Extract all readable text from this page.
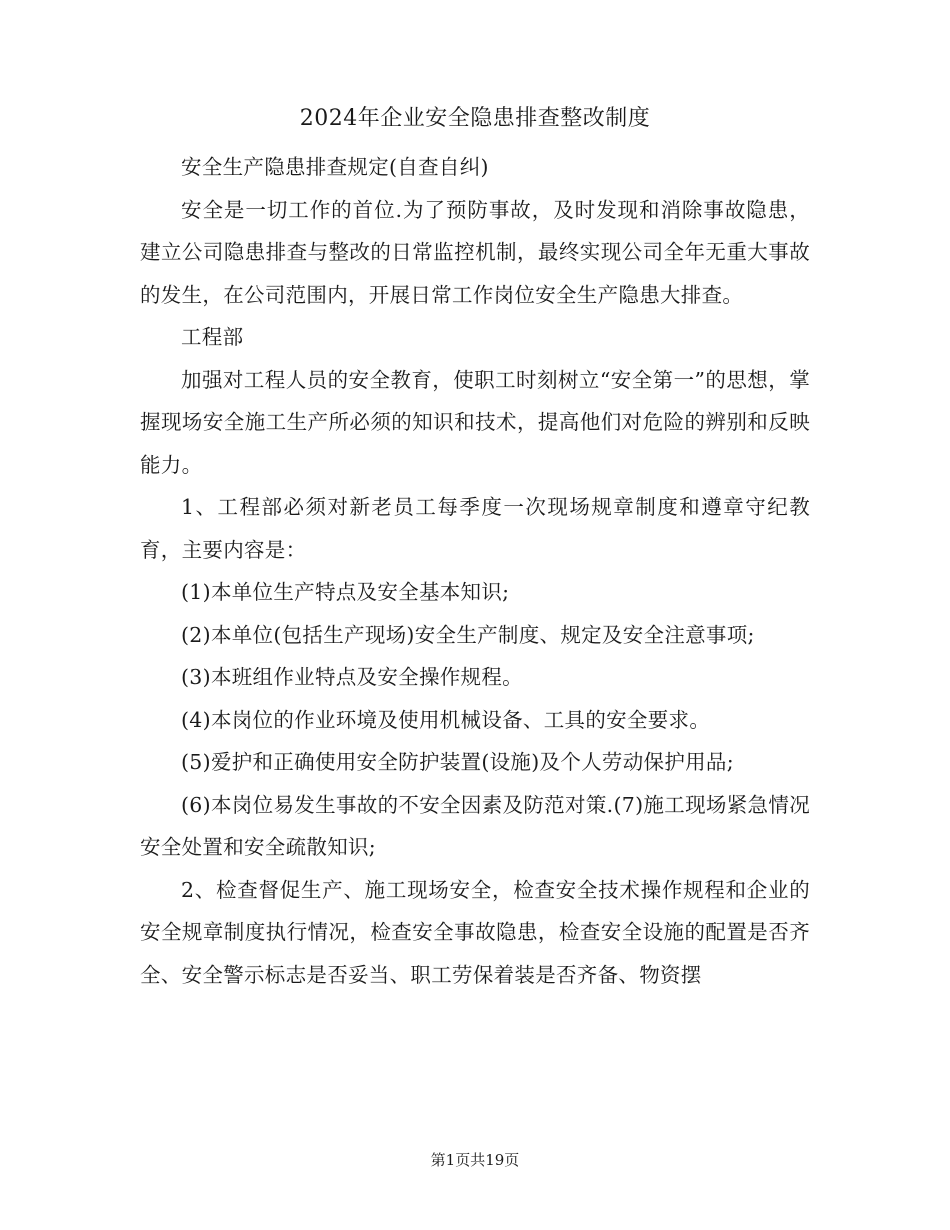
2024年企业安全隐患排查整改制度

安全生产隐患排查规定(自查自纠)

安全是一切工作的首位.为了预防事故，及时发现和消除事故隐患，建立公司隐患排查与整改的日常监控机制，最终实现公司全年无重大事故的发生，在公司范围内，开展日常工作岗位安全生产隐患大排查。

工程部

加强对工程人员的安全教育，使职工时刻树立“安全第一”的思想，掌握现场安全施工生产所必须的知识和技术，提高他们对危险的辨别和反映能力。

1、工程部必须对新老员工每季度一次现场规章制度和遵章守纪教育，主要内容是：

(1)本单位生产特点及安全基本知识;

(2)本单位(包括生产现场)安全生产制度、规定及安全注意事项;

(3)本班组作业特点及安全操作规程。

(4)本岗位的作业环境及使用机械设备、工具的安全要求。

(5)爱护和正确使用安全防护装置(设施)及个人劳动保护用品;

(6)本岗位易发生事故的不安全因素及防范对策.(7)施工现场紧急情况安全处置和安全疏散知识;

2、检查督促生产、施工现场安全，检查安全技术操作规程和企业的安全规章制度执行情况，检查安全事故隐患，检查安全设施的配置是否齐全、安全警示标志是否妥当、职工劳保着装是否齐备、物资摆

第1页共19页
